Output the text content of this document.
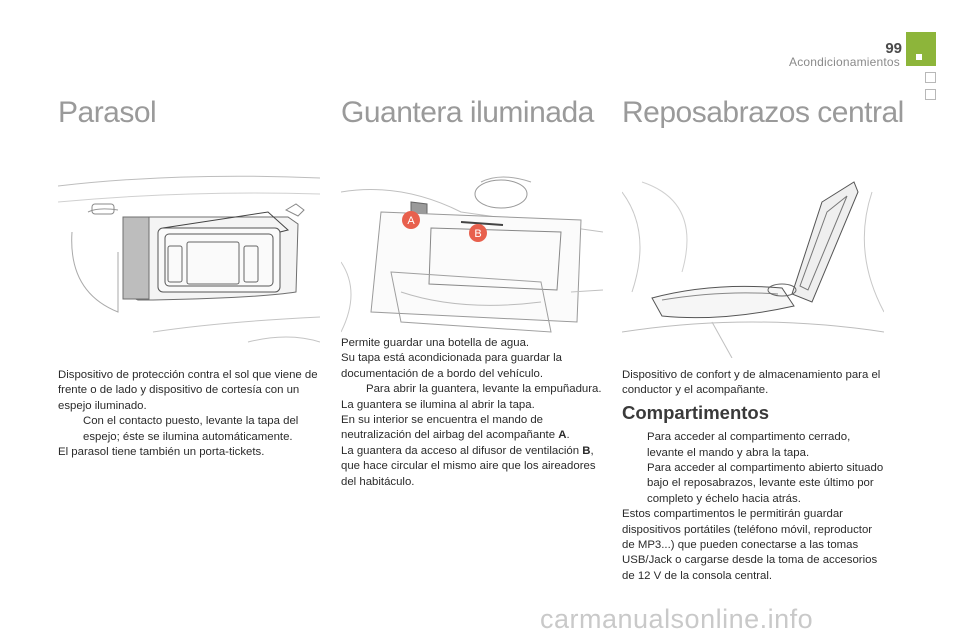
99
Acondicionamientos
Parasol	Guantera iluminada Reposabrazos central
A
B

Dispositivo de protección contra el sol que viene de frente o de lado y dispositivo de cortesía con un espejo iluminado.

Con el contacto puesto, levante la tapa del espejo; éste se ilumina automáticamente.

El parasol tiene también un porta-tickets.

Permite guardar una botella de agua.

Su tapa está acondicionada para guardar la documentación de a bordo del vehículo.

Para abrir la guantera, levante la empuñadura.

La guantera se ilumina al abrir la tapa.

En su interior se encuentra el mando de neutralización del airbag del acompañante A.

La guantera da acceso al difusor de ventilación B, que hace circular el mismo aire que los aireadores del habitáculo.

Dispositivo de confort y de almacenamiento para el conductor y el acompañante.

Compartimentos

Para acceder al compartimento cerrado, levante el mando y abra la tapa.

Para acceder al compartimento abierto situado bajo el reposabrazos, levante este último por completo y échelo hacia atrás.

Estos compartimentos le permitirán guardar dispositivos portátiles (teléfono móvil, reproductor de MP3...) que pueden conectarse a las tomas USB/Jack o cargarse desde la toma de accesorios de 12 V de la consola central.

carmanualsonline.info
